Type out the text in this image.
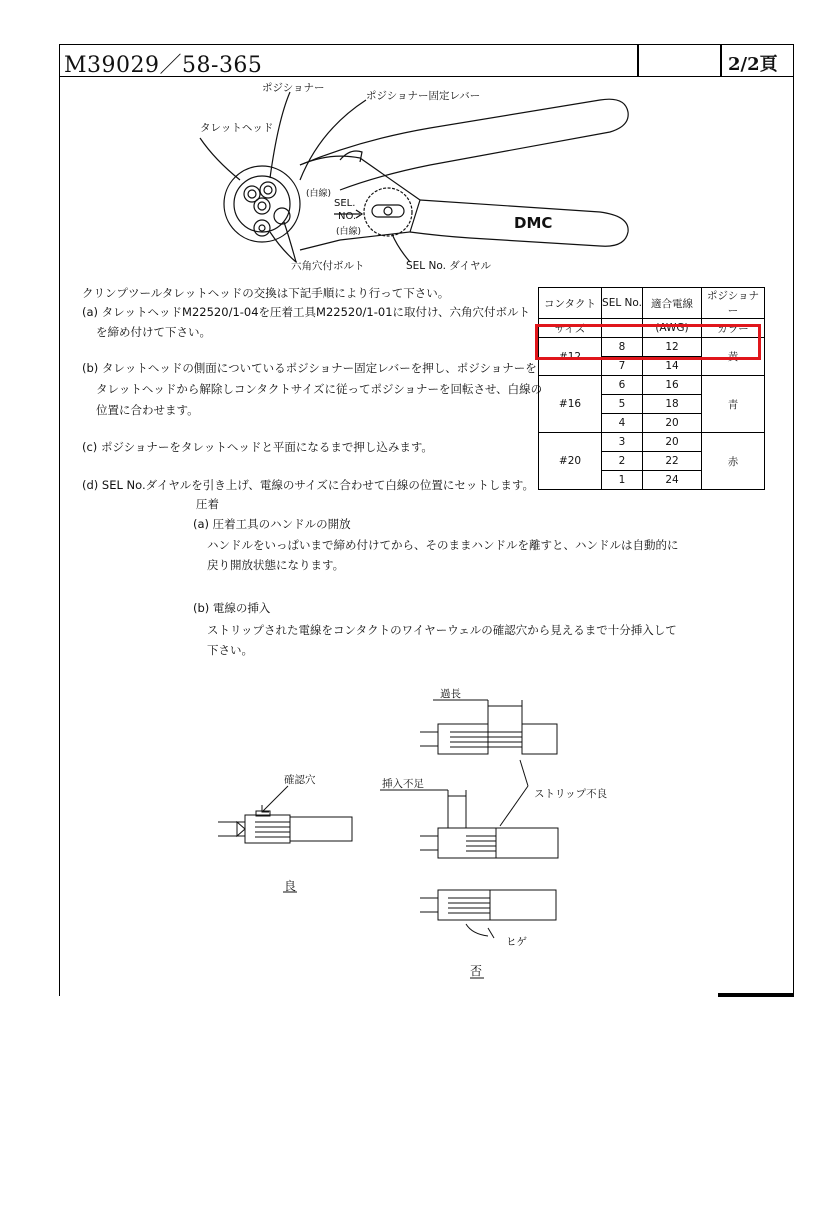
M39029／58-365	2/2頁
ポジショナー
ポジショナー固定レバー
タレットヘッド
(白線)
SEL.
NO.
(白線)
六角穴付ボルト	SEL No. ダイヤル
DMC
クリンプツールタレットヘッドの交換は下記手順により行って下さい。
(a) タレットヘッドM22520/1-04を圧着工具M22520/1-01に取付け、六角穴付ボルト
を締め付けて下さい。
(b) タレットヘッドの側面についているポジショナー固定レバーを押し、ポジショナーを
タレットヘッドから解除しコンタクトサイズに従ってポジショナーを回転させ、白線の
位置に合わせます。
(c) ポジショナーをタレットヘッドと平面になるまで押し込みます。
(d) SEL No.ダイヤルを引き上げ、電線のサイズに合わせて白線の位置にセットします。
圧着
(a) 圧着工具のハンドルの開放
ハンドルをいっぱいまで締め付けてから、そのままハンドルを離すと、ハンドルは自動的に
戻り開放状態になります。
(b) 電線の挿入
ストリップされた電線をコンタクトのワイヤーウェルの確認穴から見えるまで十分挿入して
下さい。
過長
挿入不足
ストリップ不良
確認穴
良
ヒゲ
否
コンタクト	SEL No.	適合電線	ポジショナー
サイズ		(AWG)	カラー
#12	8	12	黄
	7	14	
#16	6	16	青
	5	18	
	4	20	
#20	3	20	赤
	2	22	
	1	24	
